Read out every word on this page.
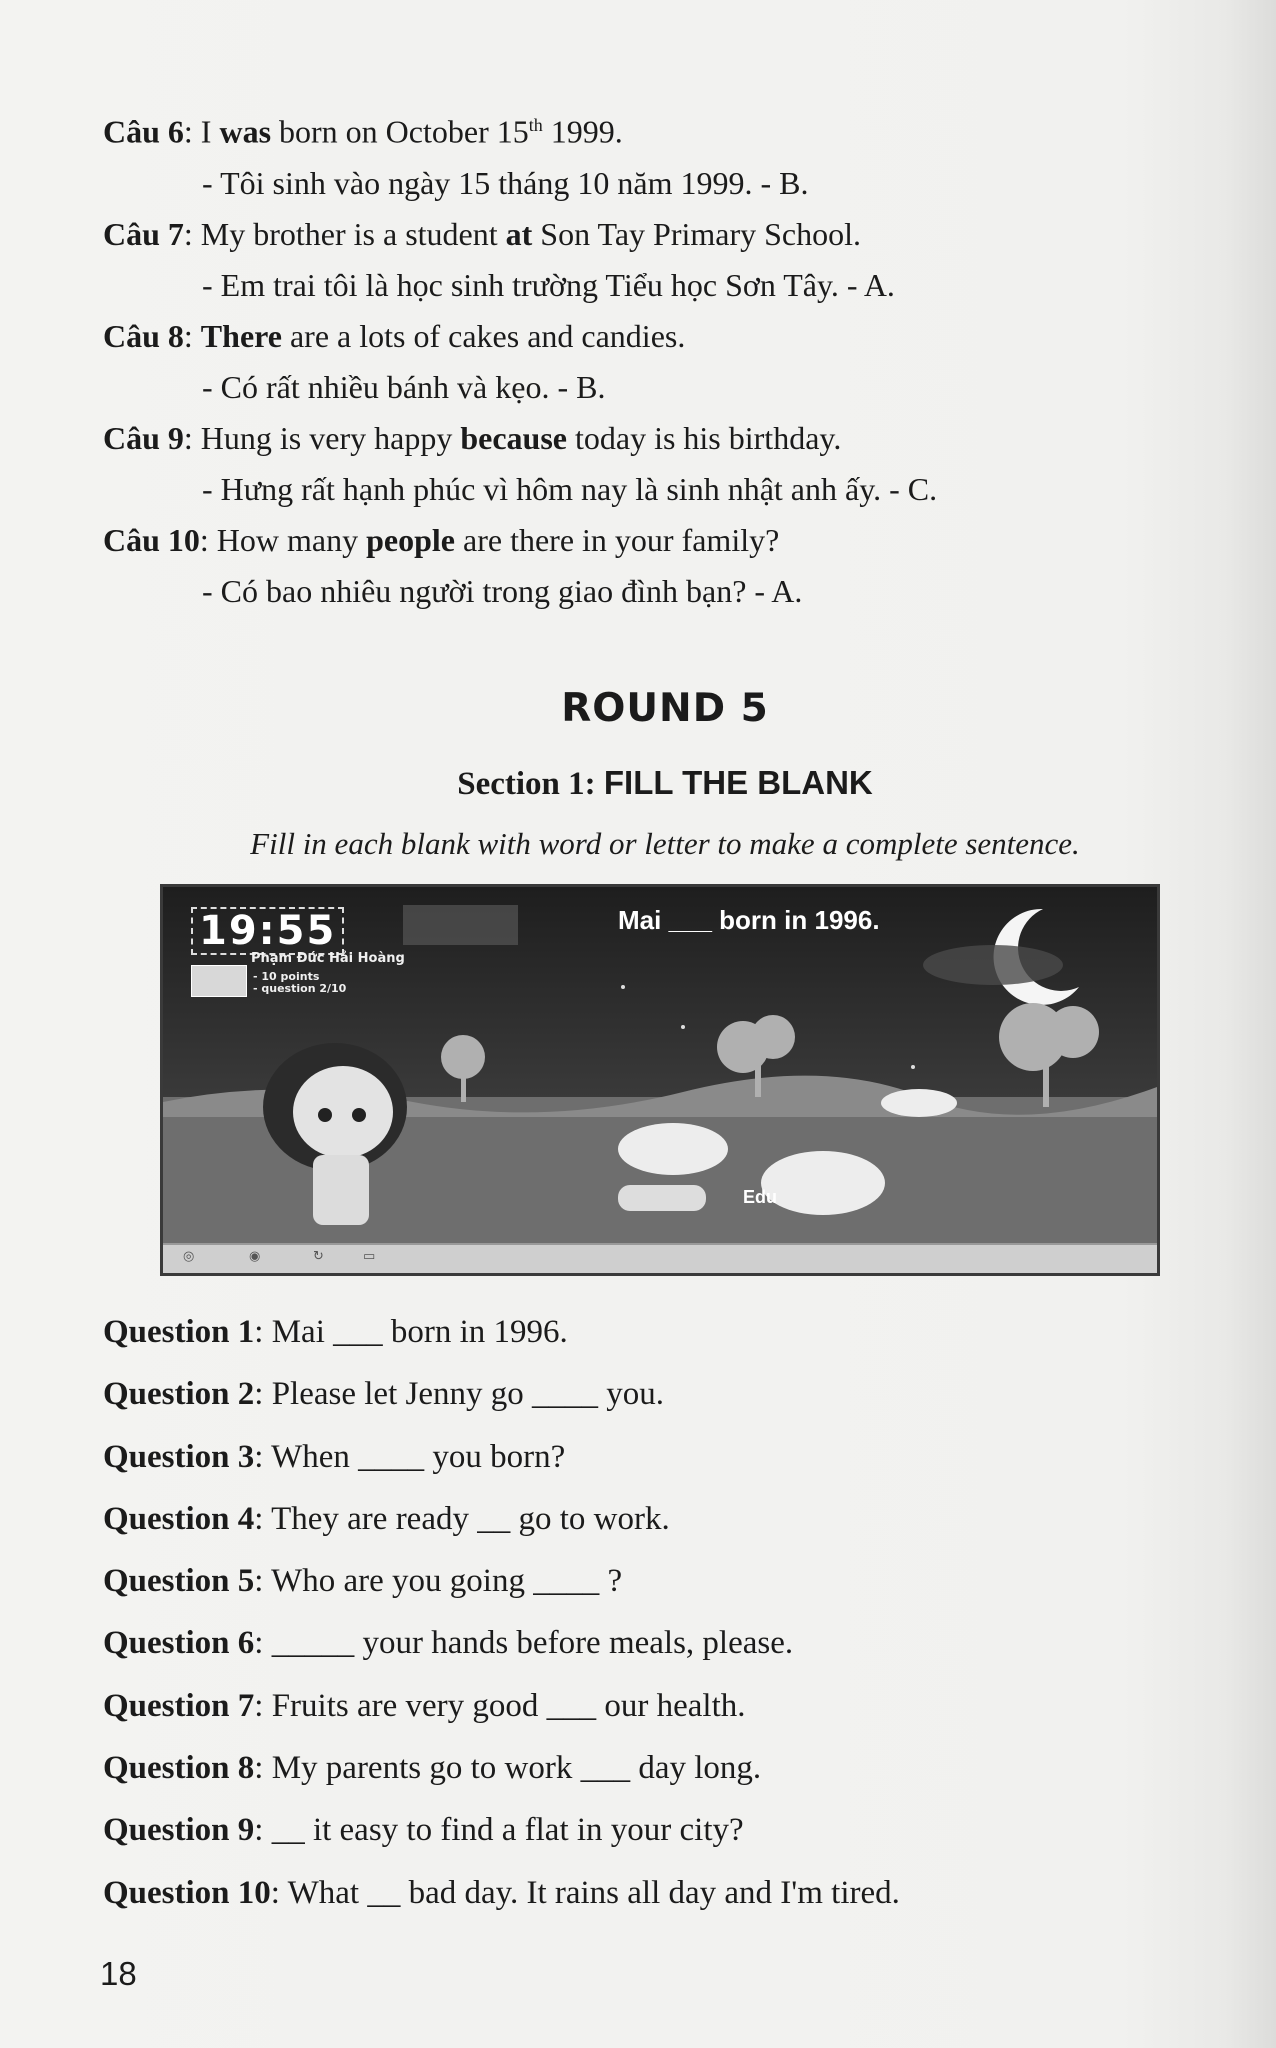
Câu 6: I was born on October 15th 1999.
- Tôi sinh vào ngày 15 tháng 10 năm 1999. - B.
Câu 7: My brother is a student at Son Tay Primary School.
- Em trai tôi là học sinh trường Tiểu học Sơn Tây. - A.
Câu 8: There are a lots of cakes and candies.
- Có rất nhiều bánh và kẹo. - B.
Câu 9: Hung is very happy because today is his birthday.
- Hưng rất hạnh phúc vì hôm nay là sinh nhật anh ấy. - C.
Câu 10: How many people are there in your family?
- Có bao nhiêu người trong giao đình bạn? - A.
ROUND 5
Section 1: FILL THE BLANK
Fill in each blank with word or letter to make a complete sentence.
19:55
Phạm Đức Hải Hoàng
- 10 points
- question 2/10
Mai ___ born in 1996.
Edu
◎	◉	↻	▭
Question 1: Mai ___ born in 1996.
Question 2: Please let Jenny go ____ you.
Question 3: When ____ you born?
Question 4: They are ready __ go to work.
Question 5: Who are you going ____ ?
Question 6: _____ your hands before meals, please.
Question 7: Fruits are very good ___ our health.
Question 8: My parents go to work ___ day long.
Question 9: __ it easy to find a flat in your city?
Question 10: What __ bad day. It rains all day and I'm tired.
18
